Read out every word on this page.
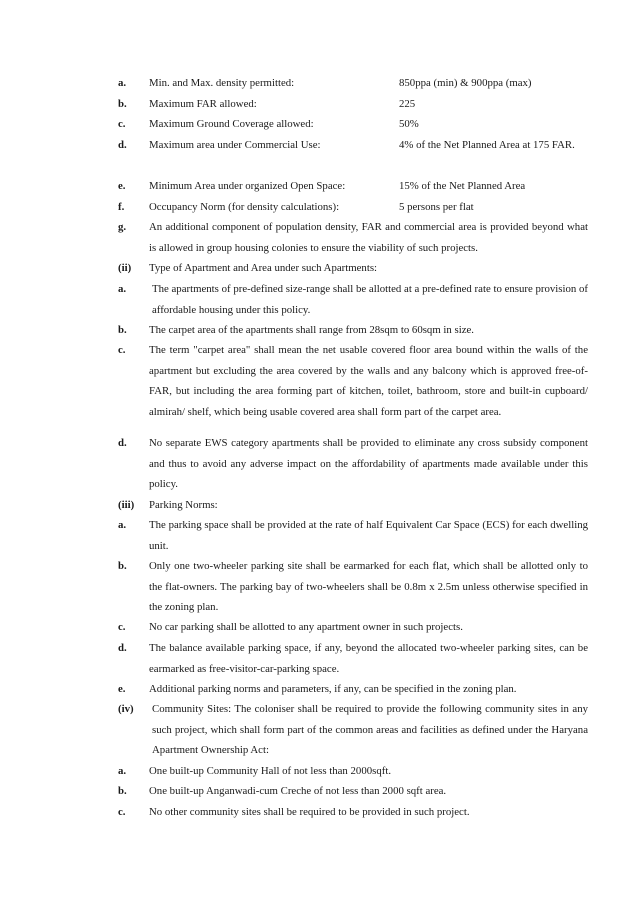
a. Min. and Max. density permitted:	850ppa (min) & 900ppa (max)
b. Maximum FAR allowed:	225
c. Maximum Ground Coverage allowed:	50%
d. Maximum area under Commercial Use:	4% of the Net Planned Area at 175 FAR.
e. Minimum Area under organized Open Space:	15% of the Net Planned Area
f. Occupancy Norm (for density calculations):	5 persons per flat
g. An additional component of population density, FAR and commercial area is provided beyond what is allowed in group housing colonies to ensure the viability of such projects.
(ii) Type of Apartment and Area under such Apartments:
a. The apartments of pre-defined size-range shall be allotted at a pre-defined rate to ensure provision of affordable housing under this policy.
b. The carpet area of the apartments shall range from 28sqm to 60sqm in size.
c. The term "carpet area" shall mean the net usable covered floor area bound within the walls of the apartment but excluding the area covered by the walls and any balcony which is approved free-of-FAR, but including the area forming part of kitchen, toilet, bathroom, store and built-in cupboard/ almirah/ shelf, which being usable covered area shall form part of the carpet area.
d. No separate EWS category apartments shall be provided to eliminate any cross subsidy component and thus to avoid any adverse impact on the affordability of apartments made available under this policy.
(iii) Parking Norms:
a. The parking space shall be provided at the rate of half Equivalent Car Space (ECS) for each dwelling unit.
b. Only one two-wheeler parking site shall be earmarked for each flat, which shall be allotted only to the flat-owners. The parking bay of two-wheelers shall be 0.8m x 2.5m unless otherwise specified in the zoning plan.
c. No car parking shall be allotted to any apartment owner in such projects.
d. The balance available parking space, if any, beyond the allocated two-wheeler parking sites, can be earmarked as free-visitor-car-parking space.
e. Additional parking norms and parameters, if any, can be specified in the zoning plan.
(iv) Community Sites: The coloniser shall be required to provide the following community sites in any such project, which shall form part of the common areas and facilities as defined under the Haryana Apartment Ownership Act:
a. One built-up Community Hall of not less than 2000sqft.
b. One built-up Anganwadi-cum Creche of not less than 2000 sqft area.
c. No other community sites shall be required to be provided in such project.
